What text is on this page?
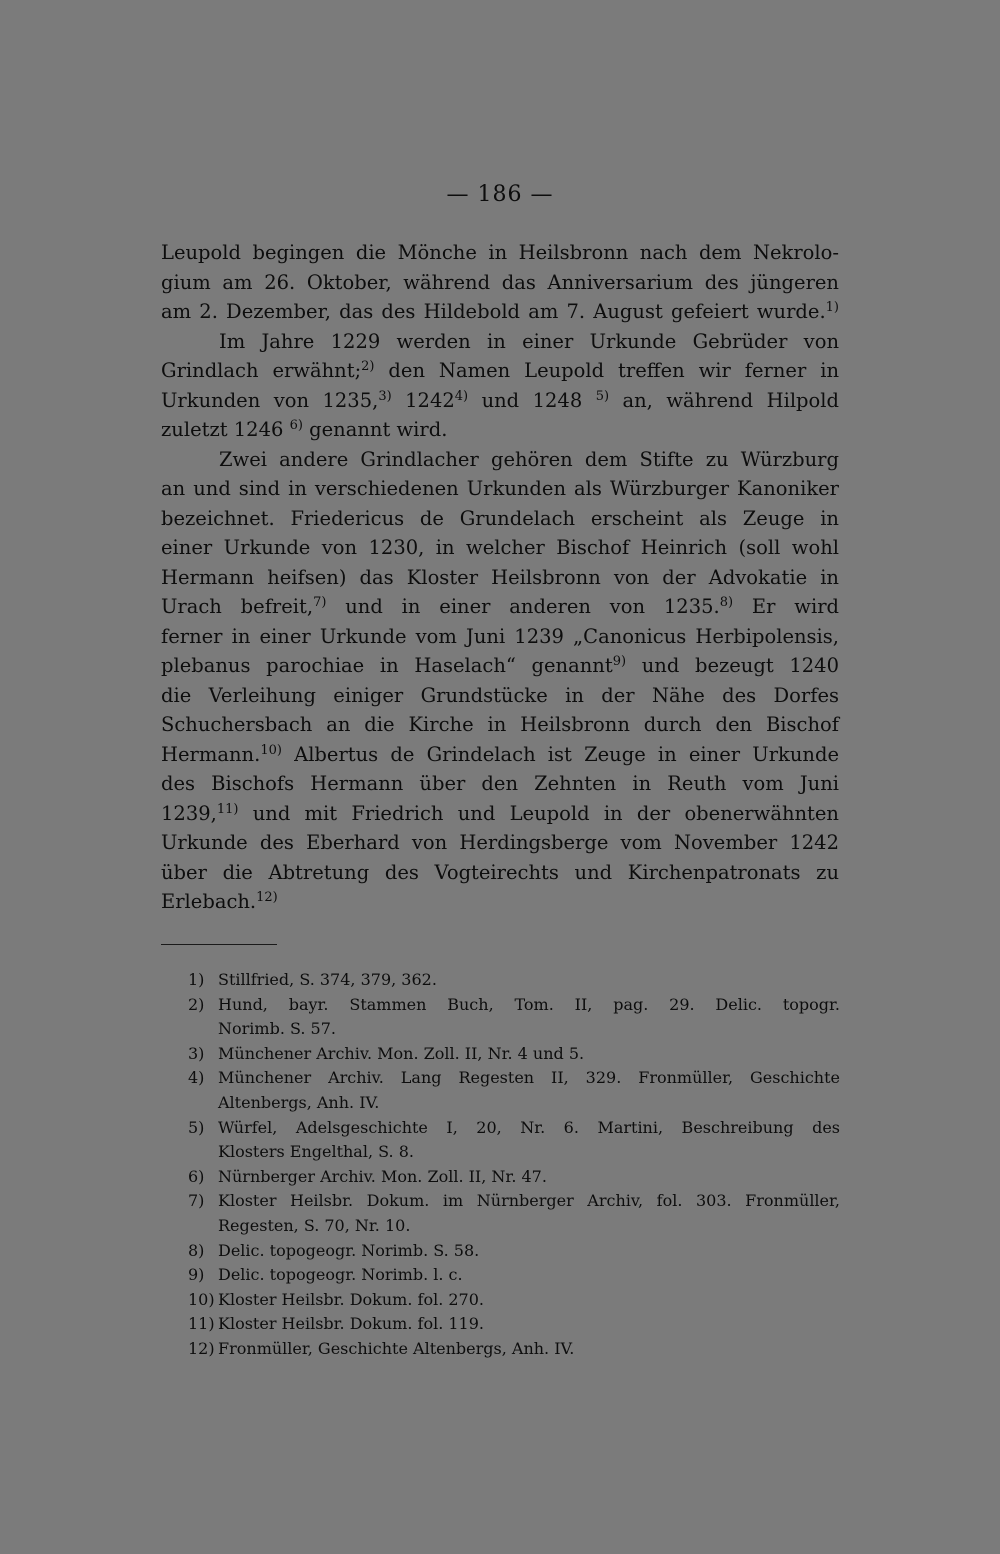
— 186 —
Leupold begingen die Mönche in Heilsbronn nach dem Nekrolo-
gium am 26. Oktober, während das Anniversarium des jüngeren
am 2. Dezember, das des Hildebold am 7. August gefeiert wurde.$^{1)}$
Im Jahre 1229 werden in einer Urkunde Gebrüder von
Grindlach erwähnt;$^{2)}$ den Namen Leupold treffen wir ferner in
Urkunden von 1235,$^{3)}$ 1242$^{4)}$ und 1248 $^{5)}$ an, während Hilpold
zuletzt 1246 $^{6)}$ genannt wird.
Zwei andere Grindlacher gehören dem Stifte zu Würzburg
an und sind in verschiedenen Urkunden als Würzburger Kanoniker
bezeichnet. Friedericus de Grundelach erscheint als Zeuge in
einer Urkunde von 1230, in welcher Bischof Heinrich (soll wohl
Hermann heifsen) das Kloster Heilsbronn von der Advokatie in
Urach befreit,$^{7)}$ und in einer anderen von 1235.$^{8)}$ Er wird
ferner in einer Urkunde vom Juni 1239 „Canonicus Herbipolensis,
plebanus parochiae in Haselach“ genannt$^{9)}$ und bezeugt 1240
die Verleihung einiger Grundstücke in der Nähe des Dorfes
Schuchersbach an die Kirche in Heilsbronn durch den Bischof
Hermann.$^{10)}$ Albertus de Grindelach ist Zeuge in einer Urkunde
des Bischofs Hermann über den Zehnten in Reuth vom Juni
1239,$^{11)}$ und mit Friedrich und Leupold in der obenerwähnten
Urkunde des Eberhard von Herdingsberge vom November 1242
über die Abtretung des Vogteirechts und Kirchenpatronats zu
Erlebach.$^{12)}$
1) Stillfried, S. 374, 379, 362.
2) Hund, bayr. Stammen Buch, Tom. II, pag. 29. Delic. topogr.
Norimb. S. 57.
3) Münchener Archiv. Mon. Zoll. II, Nr. 4 und 5.
4) Münchener Archiv. Lang Regesten II, 329. Fronmüller, Geschichte
Altenbergs, Anh. IV.
5) Würfel, Adelsgeschichte I, 20, Nr. 6. Martini, Beschreibung des
Klosters Engelthal, S. 8.
6) Nürnberger Archiv. Mon. Zoll. II, Nr. 47.
7) Kloster Heilsbr. Dokum. im Nürnberger Archiv, fol. 303. Fronmüller,
Regesten, S. 70, Nr. 10.
8) Delic. topogeogr. Norimb. S. 58.
9) Delic. topogeogr. Norimb. l. c.
10) Kloster Heilsbr. Dokum. fol. 270.
11) Kloster Heilsbr. Dokum. fol. 119.
12) Fronmüller, Geschichte Altenbergs, Anh. IV.
